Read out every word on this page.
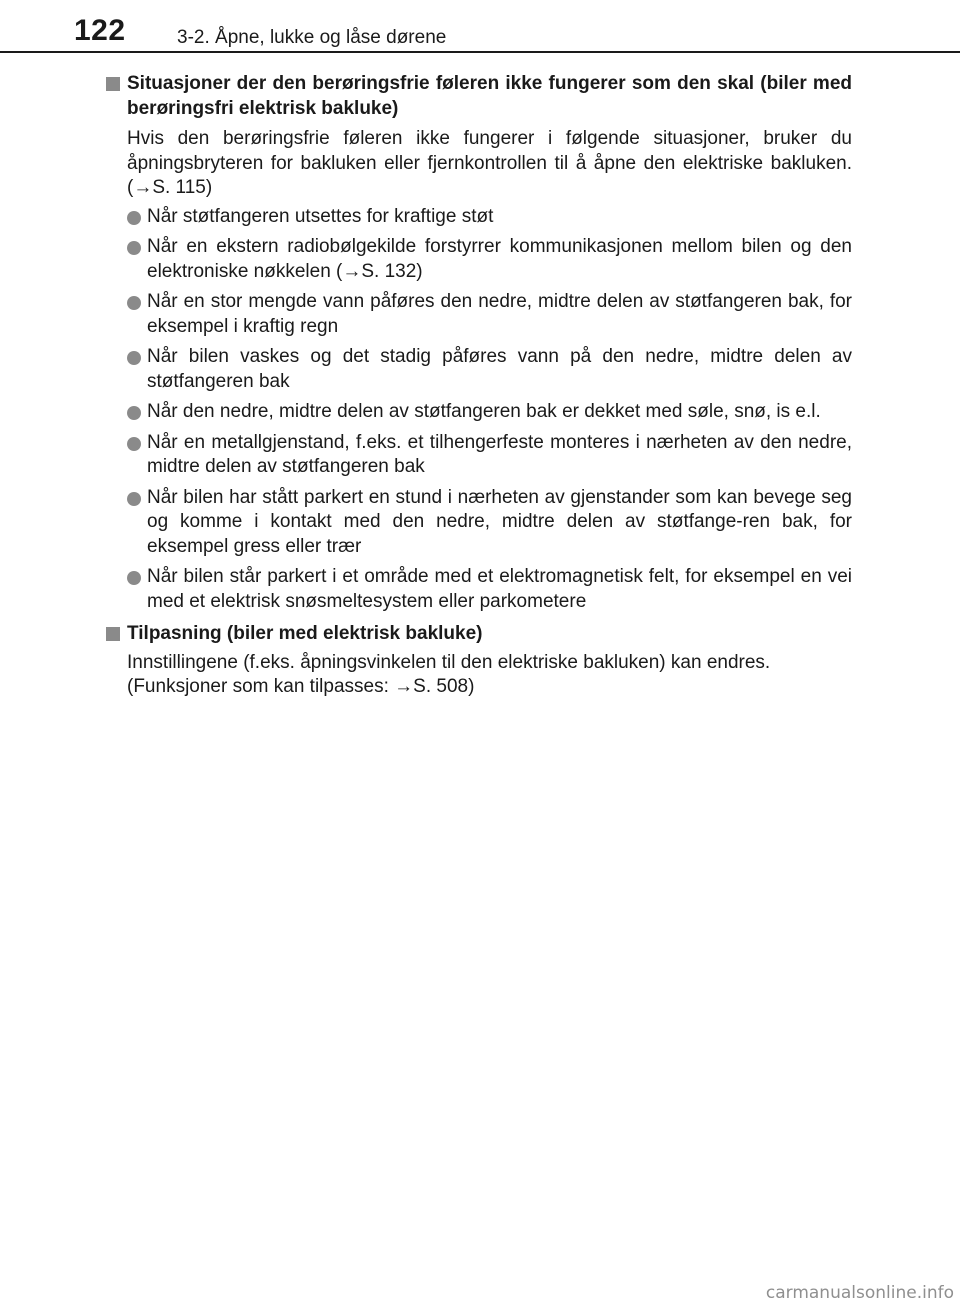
122	3-2. Åpne, lukke og låse dørene
Situasjoner der den berøringsfrie føleren ikke fungerer som den skal (biler med berøringsfri elektrisk bakluke)
Hvis den berøringsfrie føleren ikke fungerer i følgende situasjoner, bruker du åpningsbryteren for bakluken eller fjernkontrollen til å åpne den elektriske bakluken. (→S. 115)
Når støtfangeren utsettes for kraftige støt
Når en ekstern radiobølgekilde forstyrrer kommunikasjonen mellom bilen og den elektroniske nøkkelen (→S. 132)
Når en stor mengde vann påføres den nedre, midtre delen av støtfangeren bak, for eksempel i kraftig regn
Når bilen vaskes og det stadig påføres vann på den nedre, midtre delen av støtfangeren bak
Når den nedre, midtre delen av støtfangeren bak er dekket med søle, snø, is e.l.
Når en metallgjenstand, f.eks. et tilhengerfeste monteres i nærheten av den nedre, midtre delen av støtfangeren bak
Når bilen har stått parkert en stund i nærheten av gjenstander som kan bevege seg og komme i kontakt med den nedre, midtre delen av støtfange-ren bak, for eksempel gress eller trær
Når bilen står parkert i et område med et elektromagnetisk felt, for eksempel en vei med et elektrisk snøsmeltesystem eller parkometere
Tilpasning (biler med elektrisk bakluke)
Innstillingene (f.eks. åpningsvinkelen til den elektriske bakluken) kan endres.
(Funksjoner som kan tilpasses: →S. 508)
carmanualsonline.info
